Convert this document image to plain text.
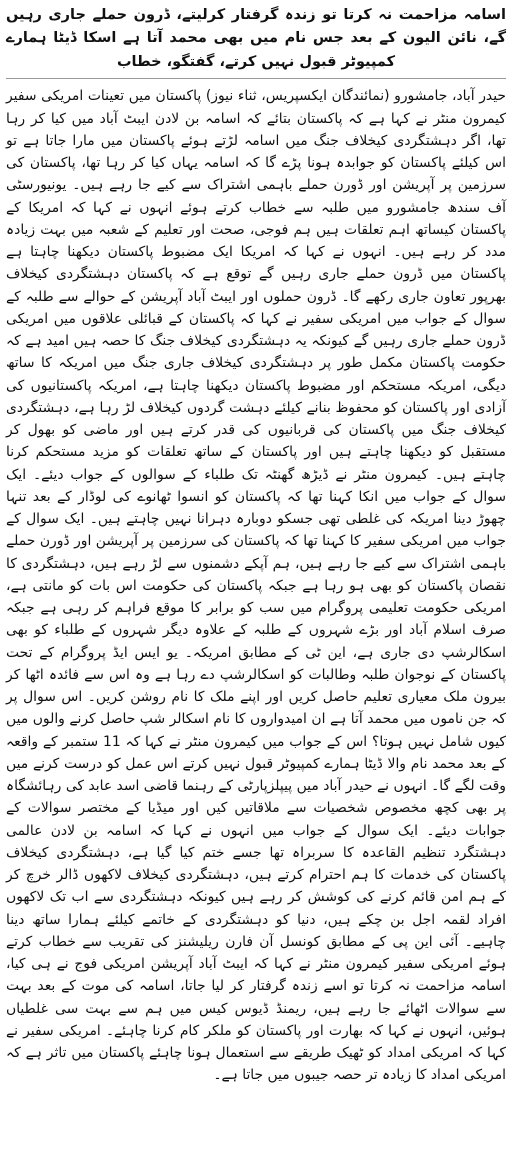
اسامہ مزاحمت نہ کرتا تو زندہ گرفتار کرلیتے، ڈرون حملے جاری رہیں گے، نائن الیون کے بعد جس نام میں بھی محمد آتا ہے اسکا ڈیٹا ہمارے کمپیوٹر قبول نہیں کرتے، گفتگو، خطاب

حیدر آباد، جامشورو (نمائندگان ایکسپریس، ثناء نیوز) پاکستان میں تعینات امریکی سفیر کیمرون منٹر نے کہا ہے کہ پاکستان بتائے کہ اسامہ بن لادن ایبٹ آباد میں کیا کر رہا تھا، اگر دہشتگردی کیخلاف جنگ میں اسامہ لڑتے ہوئے پاکستان میں مارا جاتا ہے تو اس کیلئے پاکستان کو جوابدہ ہونا پڑے گا کہ اسامہ یہاں کیا کر رہا تھا، پاکستان کی سرزمین پر آپریشن اور ڈورن حملے باہمی اشتراک سے کیے جا رہے ہیں۔ یونیورسٹی آف سندھ جامشورو میں طلبہ سے خطاب کرتے ہوئے انہوں نے کہا کہ امریکا کے پاکستان کیساتھ اہم تعلقات ہیں ہم فوجی، صحت اور تعلیم کے شعبہ میں بہت زیادہ مدد کر رہے ہیں۔ انہوں نے کہا کہ امریکا ایک مضبوط پاکستان دیکھنا چاہتا ہے پاکستان میں ڈرون حملے جاری رہیں گے توقع ہے کہ پاکستان دہشتگردی کیخلاف بھرپور تعاون جاری رکھے گا۔ ڈرون حملوں اور ایبٹ آباد آپریشن کے حوالے سے طلبہ کے سوال کے جواب میں امریکی سفیر نے کہا کہ پاکستان کے قبائلی علاقوں میں امریکی ڈرون حملے جاری رہیں گے کیونکہ یہ دہشتگردی کیخلاف جنگ کا حصہ ہیں امید ہے کہ حکومت پاکستان مکمل طور پر دہشتگردی کیخلاف جاری جنگ میں امریکہ کا ساتھ دیگی، امریکہ مستحکم اور مضبوط پاکستان دیکھنا چاہتا ہے، امریکہ پاکستانیوں کی آزادی اور پاکستان کو محفوظ بنانے کیلئے دہشت گردوں کیخلاف لڑ رہا ہے، دہشتگردی کیخلاف جنگ میں پاکستان کی قربانیوں کی قدر کرتے ہیں اور ماضی کو بھول کر مستقبل کو دیکھنا چاہتے ہیں اور پاکستان کے ساتھ تعلقات کو مزید مستحکم کرنا چاہتے ہیں۔ کیمرون منٹر نے ڈیڑھ گھنٹہ تک طلباء کے سوالوں کے جواب دیئے۔ ایک سوال کے جواب میں انکا کہنا تھا کہ پاکستان کو انسوا ٹھانوے کی لوڈار کے بعد تنہا چھوڑ دینا امریکہ کی غلطی تھی جسکو دوبارہ دہرانا نہیں چاہتے ہیں۔ ایک سوال کے جواب میں امریکی سفیر کا کہنا تھا کہ پاکستان کی سرزمین پر آپریشن اور ڈورن حملے باہمی اشتراک سے کیے جا رہے ہیں، ہم آپکے دشمنوں سے لڑ رہے ہیں، دہشتگردی کا نقصان پاکستان کو بھی ہو رہا ہے جبکہ پاکستان کی حکومت اس بات کو مانتی ہے، امریکی حکومت تعلیمی پروگرام میں سب کو برابر کا موقع فراہم کر رہی ہے جبکہ صرف اسلام آباد اور بڑے شہروں کے طلبہ کے علاوہ دیگر شہروں کے طلباء کو بھی اسکالرشپ دی جاری ہے، این ٹی کے مطابق امریکہ۔ یو ایس ایڈ پروگرام کے تحت پاکستان کے نوجوان طلبہ وطالبات کو اسکالرشپ دے رہا ہے وہ اس سے فائدہ اٹھا کر بیرون ملک معیاری تعلیم حاصل کریں اور اپنے ملک کا نام روشن کریں۔ اس سوال پر کہ جن ناموں میں محمد آتا ہے ان امیدواروں کا نام اسکالر شپ حاصل کرنے والوں میں کیوں شامل نہیں ہوتا؟ اس کے جواب میں کیمرون منٹر نے کہا کہ 11 ستمبر کے واقعہ کے بعد محمد نام والا ڈیٹا ہمارے کمپیوٹر قبول نہیں کرتے اس عمل کو درست کرنے میں وقت لگے گا۔ انہوں نے حیدر آباد میں پیپلزپارٹی کے رہنما قاضی اسد عابد کی رہائشگاہ پر بھی کچھ مخصوص شخصیات سے ملاقاتیں کیں اور میڈیا کے مختصر سوالات کے جوابات دیئے۔ ایک سوال کے جواب میں انہوں نے کہا کہ اسامہ بن لادن عالمی دہشتگرد تنظیم القاعدہ کا سربراہ تھا جسے ختم کیا گیا ہے، دہشتگردی کیخلاف پاکستان کی خدمات کا ہم احترام کرتے ہیں، دہشتگردی کیخلاف لاکھوں ڈالر خرچ کر کے ہم امن قائم کرنے کی کوشش کر رہے ہیں کیونکہ دہشتگردی سے اب تک لاکھوں افراد لقمہ اجل بن چکے ہیں، دنیا کو دہشتگردی کے خاتمے کیلئے ہمارا ساتھ دینا چاہیے۔ آئی این پی کے مطابق کونسل آن فارن ریلیشنز کی تقریب سے خطاب کرتے ہوئے امریکی سفیر کیمرون منٹر نے کہا کہ ایبٹ آباد آپریشن امریکی فوج نے ہی کیا، اسامہ مزاحمت نہ کرتا تو اسے زندہ گرفتار کر لیا جاتا، اسامہ کی موت کے بعد بہت سے سوالات اٹھائے جا رہے ہیں، ریمنڈ ڈیوس کیس میں ہم سے بہت سی غلطیاں ہوئیں، انہوں نے کہا کہ بھارت اور پاکستان کو ملکر کام کرنا چاہئے۔ امریکی سفیر نے کہا کہ امریکی امداد کو ٹھیک طریقے سے استعمال ہونا چاہئے پاکستان میں تاثر ہے کہ امریکی امداد کا زیادہ تر حصہ جیبوں میں جاتا ہے۔
